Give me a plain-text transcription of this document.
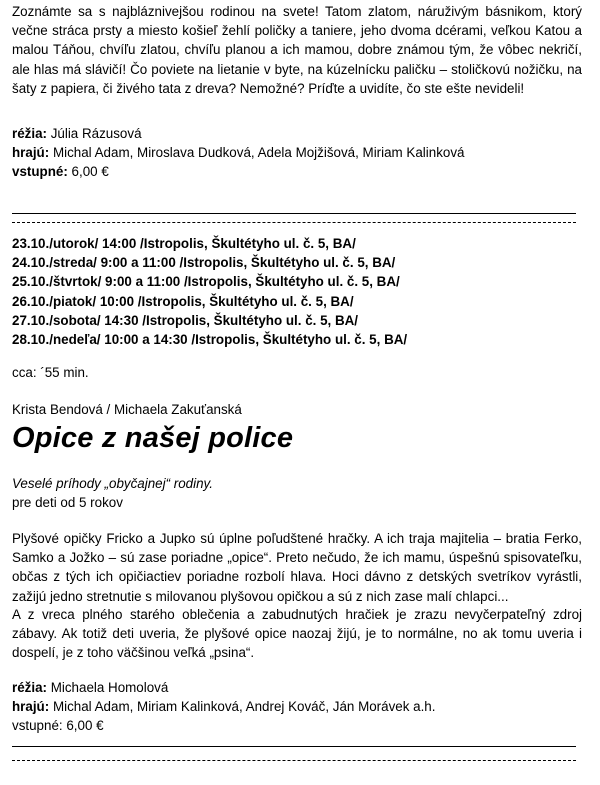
Zoznámte sa s najbláznivejšou rodinou na svete! Tatom zlatom, náruživým básnikom, ktorý večne stráca prsty a miesto košieľ žehlí poličky a taniere, jeho dvoma dcérami, veľkou Katou a malou Táňou, chvíľu zlatou, chvíľu planou a ich mamou, dobre známou tým, že vôbec nekričí, ale hlas má slávičí! Čo poviete na lietanie v byte, na kúzelnícku paličku – stoličkovú nožičku, na šaty z papiera, či živého tata z dreva? Nemožné? Príďte a uvidíte, čo ste ešte nevideli!

réžia: Júlia Rázusová

hrajú: Michal Adam, Miroslava Dudková, Adela Mojžišová, Miriam Kalinková

vstupné: 6,00 €

23.10./utorok/ 14:00 /Istropolis, Škultétyho ul. č. 5, BA/

24.10./streda/ 9:00 a 11:00 /Istropolis, Škultétyho ul. č. 5, BA/

25.10./štvrtok/ 9:00 a 11:00 /Istropolis, Škultétyho ul. č. 5, BA/

26.10./piatok/ 10:00 /Istropolis, Škultétyho ul. č. 5, BA/

27.10./sobota/ 14:30 /Istropolis, Škultétyho ul. č. 5, BA/

28.10./nedeľa/ 10:00 a 14:30 /Istropolis, Škultétyho ul. č. 5, BA/

cca: ´55 min.

Krista Bendová / Michaela Zakuťanská

Opice z našej police

Veselé príhody „obyčajnej“ rodiny.

pre deti od 5 rokov

Plyšové opičky Fricko a Jupko sú úplne poľudštené hračky. A ich traja majitelia – bratia Ferko, Samko a Jožko – sú zase poriadne „opice“. Preto nečudo, že ich mamu, úspešnú spisovateľku, občas z tých ich opičiactiev poriadne rozbolí hlava. Hoci dávno z detských svetríkov vyrástli, zažijú jedno stretnutie s milovanou plyšovou opičkou a sú z nich zase malí chlapci...

A z vreca plného starého oblečenia a zabudnutých hračiek je zrazu nevyčerpateľný zdroj zábavy. Ak totiž deti uveria, že plyšové opice naozaj žijú, je to normálne, no ak tomu uveria i dospelí, je z toho väčšinou veľká „psina“.

réžia: Michaela Homolová

hrajú: Michal Adam, Miriam Kalinková, Andrej Kováč, Ján Morávek a.h.

vstupné: 6,00 €
